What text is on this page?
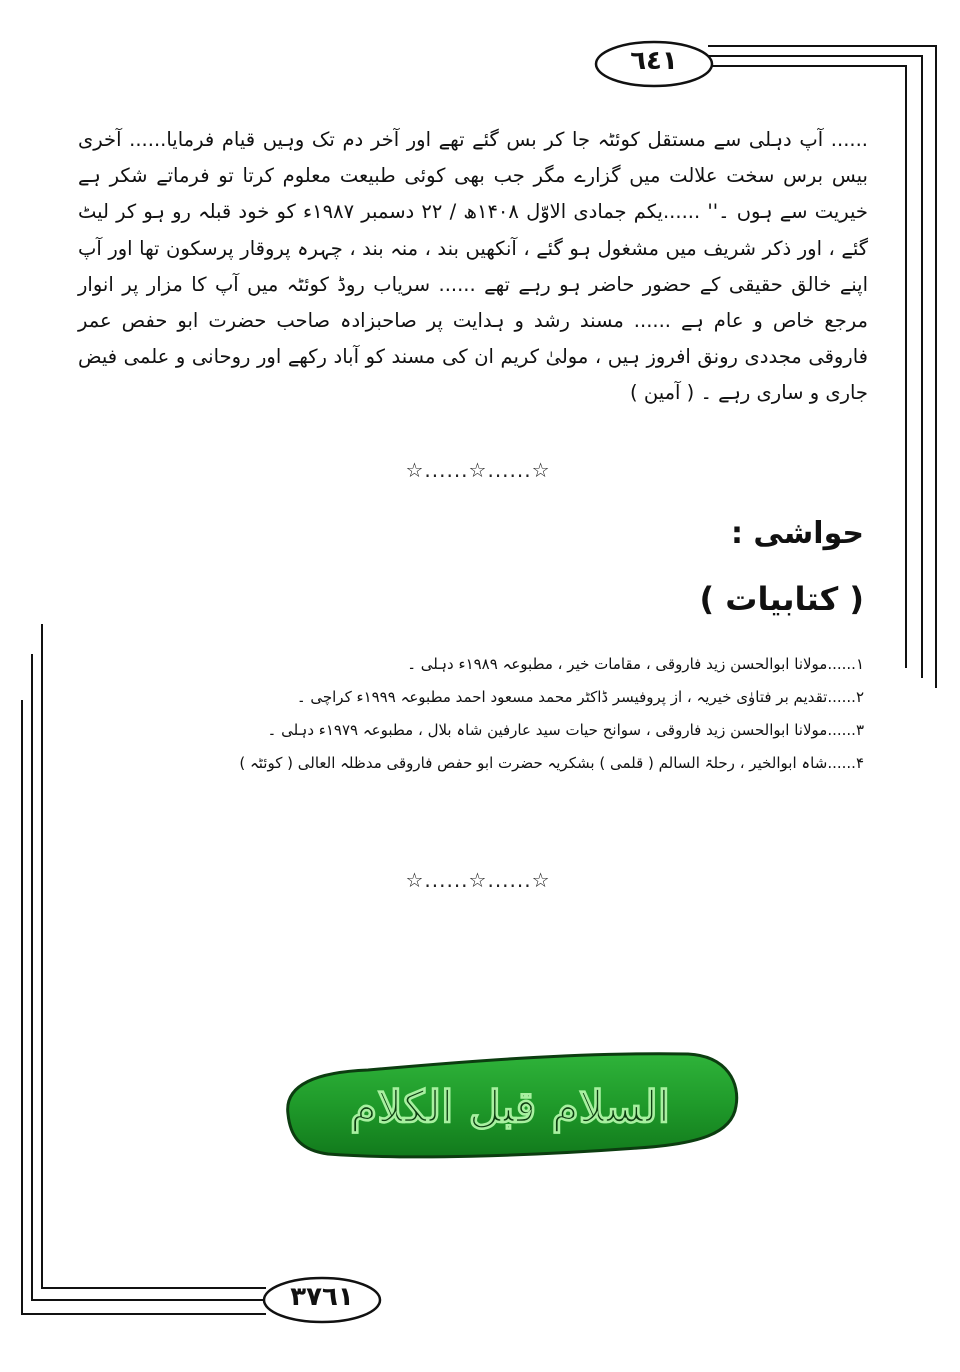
٦٤١
٣٧٦١
...... آپ دہلی سے مستقل کوئٹہ جا کر بس گئے تھے اور آخر دم تک وہیں قیام فرمایا...... آخری بیس برس سخت علالت میں گزارے مگر جب بھی کوئی طبیعت معلوم کرتا تو فرماتے شکر ہے خیریت سے ہوں ۔'' ......یکم جمادی الاوّل ۱۴۰۸ھ / ۲۲ دسمبر ۱۹۸۷ء کو خود قبلہ رو ہو کر لیٹ گئے ، اور ذکر شریف میں مشغول ہو گئے ، آنکھیں بند ، منہ بند ، چہرہ پروقار پرسکون تھا اور آپ اپنے خالق حقیقی کے حضور حاضر ہو رہے تھے ...... سریاب روڈ کوئٹہ میں آپ کا مزار پر انوار مرجع خاص و عام ہے ...... مسند رشد و ہدایت پر صاحبزادہ صاحب حضرت ابو حفص عمر فاروقی مجددی رونق افروز ہیں ، مولیٰ کریم ان کی مسند کو آباد رکھے اور روحانی و علمی فیض جاری و ساری رہے ۔ ( آمین )
☆......☆......☆
حواشی :
( کتابیات )
۱......مولانا ابوالحسن زید فاروقی ، مقامات خیر ، مطبوعہ ۱۹۸۹ء دہلی ۔
۲......تقدیم بر فتاوٰی خیریہ ، از پروفیسر ڈاکٹر محمد مسعود احمد مطبوعہ ۱۹۹۹ء کراچی ۔
۳......مولانا ابوالحسن زید فاروقی ، سوانح حیات سید عارفین شاہ بلال ، مطبوعہ ۱۹۷۹ء دہلی ۔
۴......شاہ ابوالخیر ، رحلۃ السالم ( قلمی ) بشکریہ حضرت ابو حفص فاروقی مدظلہ العالی ( کوئٹہ )
☆......☆......☆
السلام قبل الکلام
